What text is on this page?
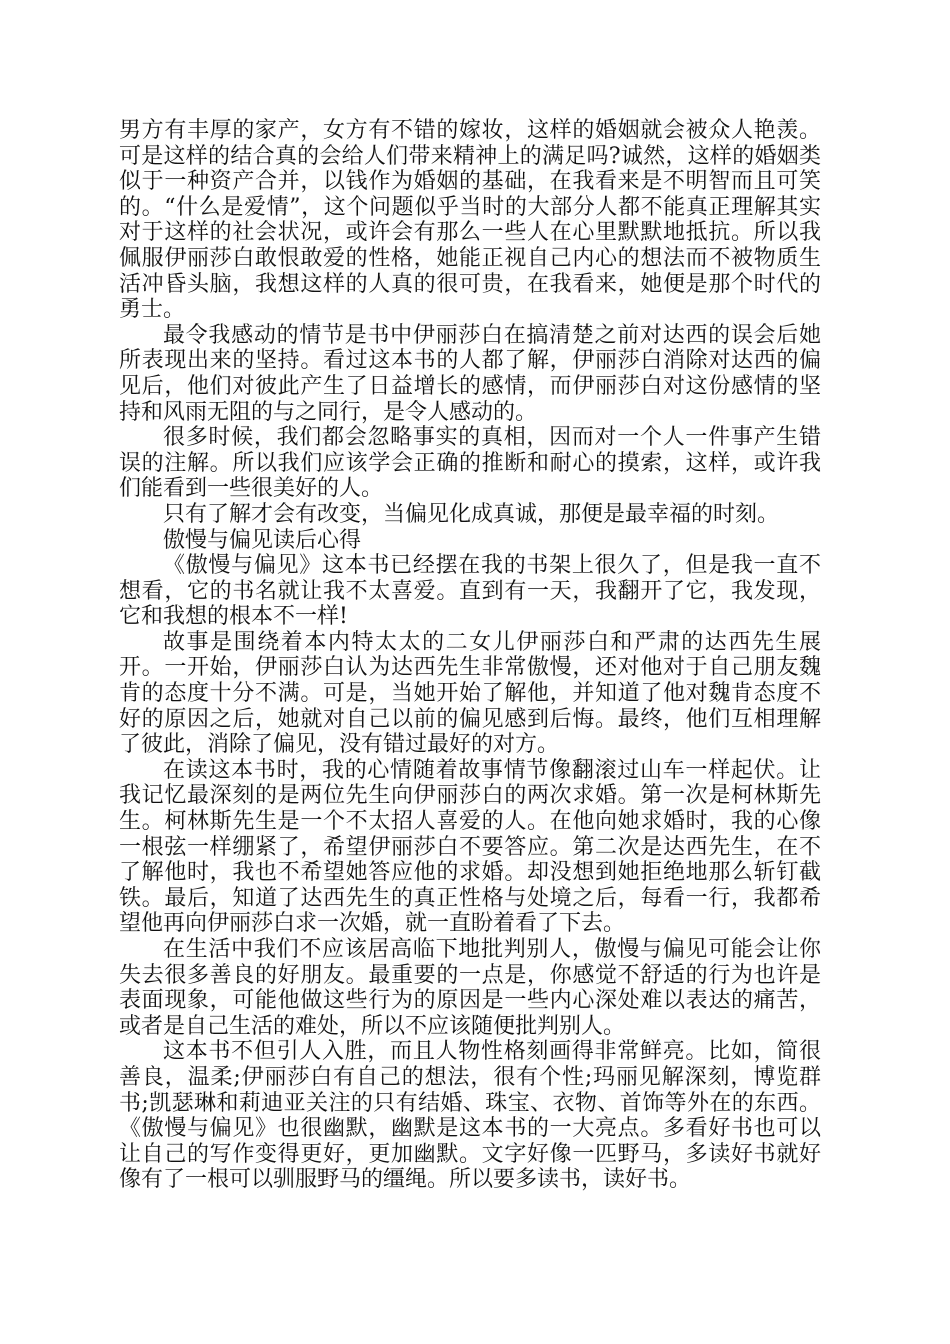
男方有丰厚的家产，女方有不错的嫁妆，这样的婚姻就会被众人艳羡。可是这样的结合真的会给人们带来精神上的满足吗?诚然，这样的婚姻类似于一种资产合并，以钱作为婚姻的基础，在我看来是不明智而且可笑的。“什么是爱情”，这个问题似乎当时的大部分人都不能真正理解其实对于这样的社会状况，或许会有那么一些人在心里默默地抵抗。所以我佩服伊丽莎白敢恨敢爱的性格，她能正视自己内心的想法而不被物质生活冲昏头脑，我想这样的人真的很可贵，在我看来，她便是那个时代的勇士。

最令我感动的情节是书中伊丽莎白在搞清楚之前对达西的误会后她所表现出来的坚持。看过这本书的人都了解，伊丽莎白消除对达西的偏见后，他们对彼此产生了日益增长的感情，而伊丽莎白对这份感情的坚持和风雨无阻的与之同行，是令人感动的。

很多时候，我们都会忽略事实的真相，因而对一个人一件事产生错误的注解。所以我们应该学会正确的推断和耐心的摸索，这样，或许我们能看到一些很美好的人。

只有了解才会有改变，当偏见化成真诚，那便是最幸福的时刻。

傲慢与偏见读后心得

《傲慢与偏见》这本书已经摆在我的书架上很久了，但是我一直不想看，它的书名就让我不太喜爱。直到有一天，我翻开了它，我发现，它和我想的根本不一样!

故事是围绕着本内特太太的二女儿伊丽莎白和严肃的达西先生展开。一开始，伊丽莎白认为达西先生非常傲慢，还对他对于自己朋友魏肯的态度十分不满。可是，当她开始了解他，并知道了他对魏肯态度不好的原因之后，她就对自己以前的偏见感到后悔。最终，他们互相理解了彼此，消除了偏见，没有错过最好的对方。

在读这本书时，我的心情随着故事情节像翻滚过山车一样起伏。让我记忆最深刻的是两位先生向伊丽莎白的两次求婚。第一次是柯林斯先生。柯林斯先生是一个不太招人喜爱的人。在他向她求婚时，我的心像一根弦一样绷紧了，希望伊丽莎白不要答应。第二次是达西先生，在不了解他时，我也不希望她答应他的求婚。却没想到她拒绝地那么斩钉截铁。最后，知道了达西先生的真正性格与处境之后，每看一行，我都希望他再向伊丽莎白求一次婚，就一直盼着看了下去。

在生活中我们不应该居高临下地批判别人，傲慢与偏见可能会让你失去很多善良的好朋友。最重要的一点是，你感觉不舒适的行为也许是表面现象，可能他做这些行为的原因是一些内心深处难以表达的痛苦，或者是自己生活的难处，所以不应该随便批判别人。

这本书不但引人入胜，而且人物性格刻画得非常鲜亮。比如，简很善良，温柔;伊丽莎白有自己的想法，很有个性;玛丽见解深刻，博览群书;凯瑟琳和莉迪亚关注的只有结婚、珠宝、衣物、首饰等外在的东西。《傲慢与偏见》也很幽默，幽默是这本书的一大亮点。多看好书也可以让自己的写作变得更好，更加幽默。文字好像一匹野马，多读好书就好像有了一根可以驯服野马的缰绳。所以要多读书，读好书。
